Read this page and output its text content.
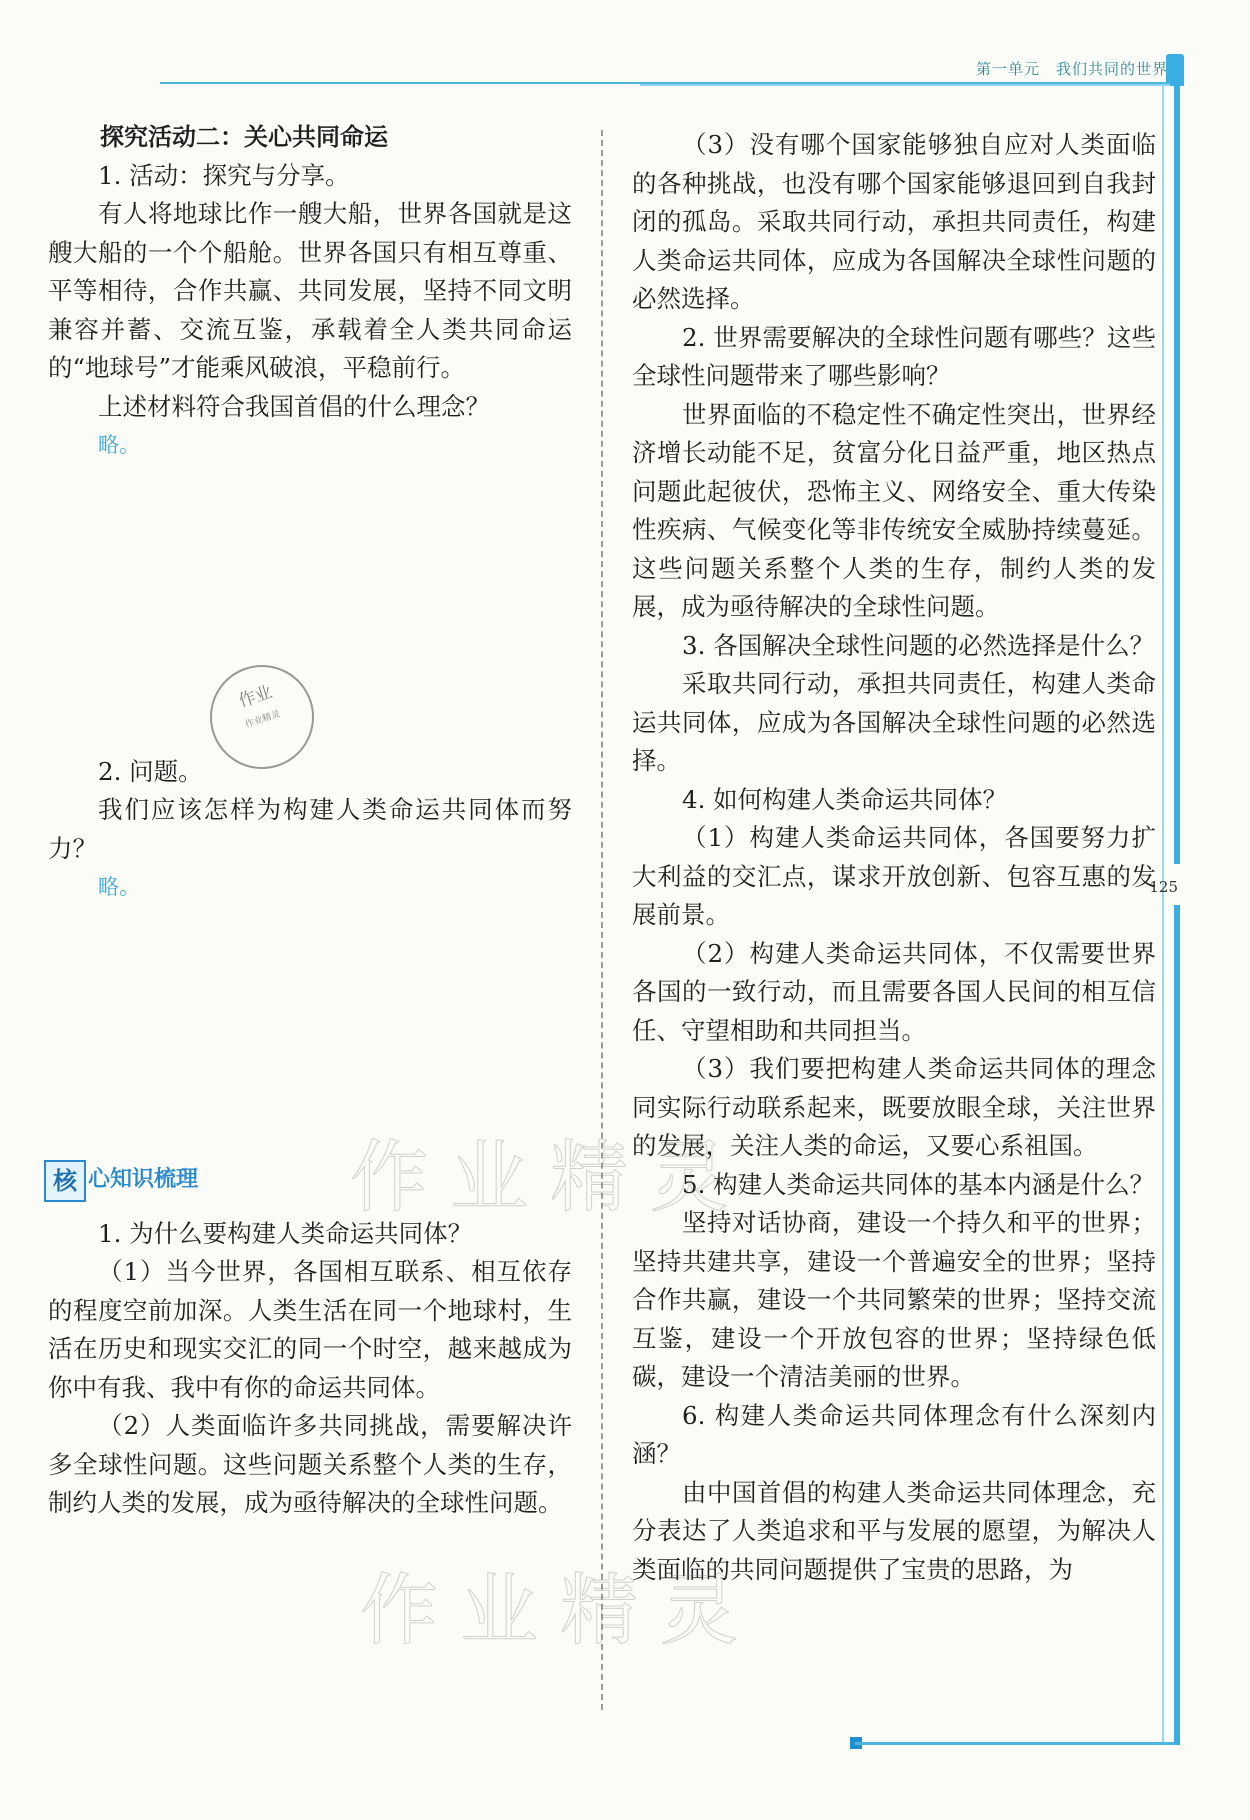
第一单元　我们共同的世界
125

探究活动二：关心共同命运

1. 活动：探究与分享。

有人将地球比作一艘大船，世界各国就是这艘大船的一个个船舱。世界各国只有相互尊重、平等相待，合作共赢、共同发展，坚持不同文明兼容并蓄、交流互鉴，承载着全人类共同命运的“地球号”才能乘风破浪，平稳前行。

上述材料符合我国首倡的什么理念？

略。

2. 问题。

我们应该怎样为构建人类命运共同体而努力？

略。

核 心知识梳理

1. 为什么要构建人类命运共同体？

（1）当今世界，各国相互联系、相互依存的程度空前加深。人类生活在同一个地球村，生活在历史和现实交汇的同一个时空，越来越成为你中有我、我中有你的命运共同体。

（2）人类面临许多共同挑战，需要解决许多全球性问题。这些问题关系整个人类的生存，制约人类的发展，成为亟待解决的全球性问题。

（3）没有哪个国家能够独自应对人类面临的各种挑战，也没有哪个国家能够退回到自我封闭的孤岛。采取共同行动，承担共同责任，构建人类命运共同体，应成为各国解决全球性问题的必然选择。

2. 世界需要解决的全球性问题有哪些？这些全球性问题带来了哪些影响？

世界面临的不稳定性不确定性突出，世界经济增长动能不足，贫富分化日益严重，地区热点问题此起彼伏，恐怖主义、网络安全、重大传染性疾病、气候变化等非传统安全威胁持续蔓延。这些问题关系整个人类的生存，制约人类的发展，成为亟待解决的全球性问题。

3. 各国解决全球性问题的必然选择是什么？

采取共同行动，承担共同责任，构建人类命运共同体，应成为各国解决全球性问题的必然选择。

4. 如何构建人类命运共同体？

（1）构建人类命运共同体，各国要努力扩大利益的交汇点，谋求开放创新、包容互惠的发展前景。

（2）构建人类命运共同体，不仅需要世界各国的一致行动，而且需要各国人民间的相互信任、守望相助和共同担当。

（3）我们要把构建人类命运共同体的理念同实际行动联系起来，既要放眼全球，关注世界的发展，关注人类的命运，又要心系祖国。

5. 构建人类命运共同体的基本内涵是什么？

坚持对话协商，建设一个持久和平的世界；坚持共建共享，建设一个普遍安全的世界；坚持合作共赢，建设一个共同繁荣的世界；坚持交流互鉴，建设一个开放包容的世界；坚持绿色低碳，建设一个清洁美丽的世界。

6. 构建人类命运共同体理念有什么深刻内涵？

由中国首倡的构建人类命运共同体理念，充分表达了人类追求和平与发展的愿望，为解决人类面临的共同问题提供了宝贵的思路，为

作业
作业精灵
作业精灵
作业精灵
